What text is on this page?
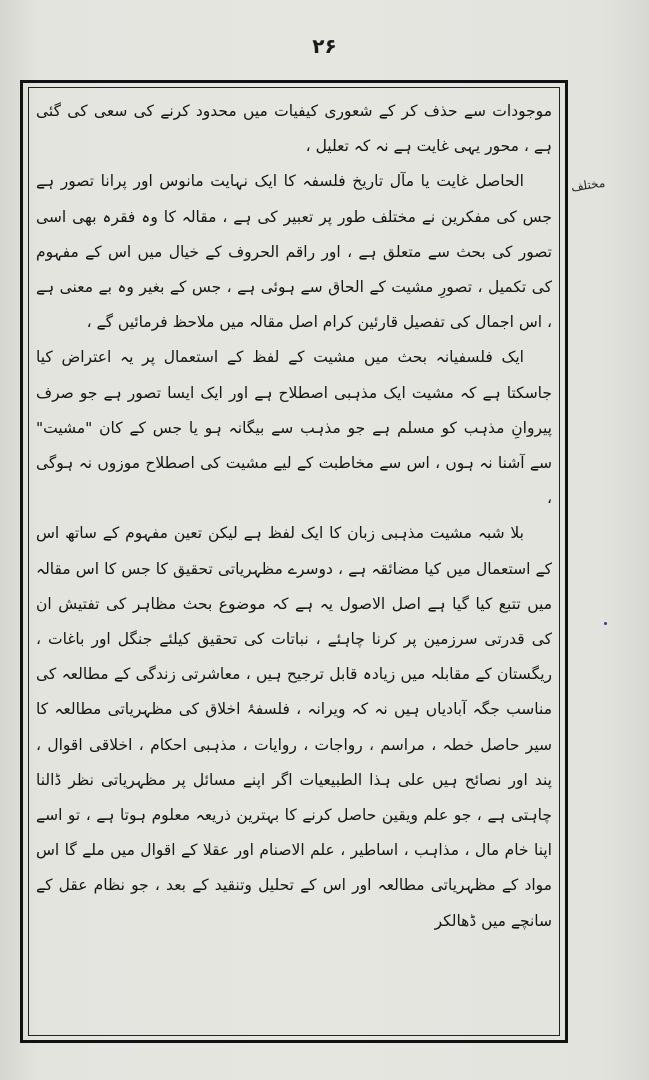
۲۶
مختلف

موجودات سے حذف کر کے شعوری کیفیات میں محدود کرنے کی سعی کی گئی ہے ، محور یہی غایت ہے نہ کہ تعلیل ،

الحاصل غایت یا مآل تاریخ فلسفہ کا ایک نہایت مانوس اور پرانا تصور ہے جس کی مفکرین نے مختلف طور پر تعبیر کی ہے ، مقالہ کا وہ فقرہ بھی اسی تصور کی بحث سے متعلق ہے ، اور راقم الحروف کے خیال میں اس کے مفہوم کی تکمیل ، تصورِ مشیت کے الحاق سے ہوئی ہے ، جس کے بغیر وہ بے معنی ہے ، اس اجمال کی تفصیل قارئین کرام اصل مقالہ میں ملاحظ فرمائیں گے ،

ایک فلسفیانہ بحث میں مشیت کے لفظ کے استعمال پر یہ اعتراض کیا جاسکتا ہے کہ مشیت ایک مذہبی اصطلاح ہے اور ایک ایسا تصور ہے جو صرف پیروانِ مذہب کو مسلم ہے جو مذہب سے بیگانہ ہو یا جس کے کان "مشیت" سے آشنا نہ ہوں ، اس سے مخاطبت کے لیے مشیت کی اصطلاح موزوں نہ ہوگی ،

بلا شبہ مشیت مذہبی زبان کا ایک لفظ ہے لیکن تعین مفہوم کے ساتھ اس کے استعمال میں کیا مضائقہ ہے ، دوسرے مظہریاتی تحقیق کا جس کا اس مقالہ میں تتبع کیا گیا ہے اصل الاصول یہ ہے کہ موضوع بحث مظاہر کی تفتیش ان کی قدرتی سرزمین پر کرنا چاہئے ، نباتات کی تحقیق کیلئے جنگل اور باغات ، ریگستان کے مقابلہ میں زیادہ قابل ترجیح ہیں ، معاشرتی زندگی کے مطالعہ کی مناسب جگہ آبادیاں ہیں نہ کہ ویرانہ ، فلسفۂ اخلاق کی مظہریاتی مطالعہ کا سیر حاصل خطہ ، مراسم ، رواجات ، روایات ، مذہبی احکام ، اخلاقی اقوال ، پند اور نصائح ہیں علی ہذا الطبیعیات اگر اپنے مسائل پر مظہریاتی نظر ڈالنا چاہتی ہے ، جو علم ویقین حاصل کرنے کا بہترین ذریعہ معلوم ہوتا ہے ، تو اسے اپنا خام مال ، مذاہب ، اساطیر ، علم الاصنام اور عقلا کے اقوال میں ملے گا اس مواد کے مظہریاتی مطالعہ اور اس کے تحلیل وتنقید کے بعد ، جو نظام عقل کے سانچے میں ڈھالکر
